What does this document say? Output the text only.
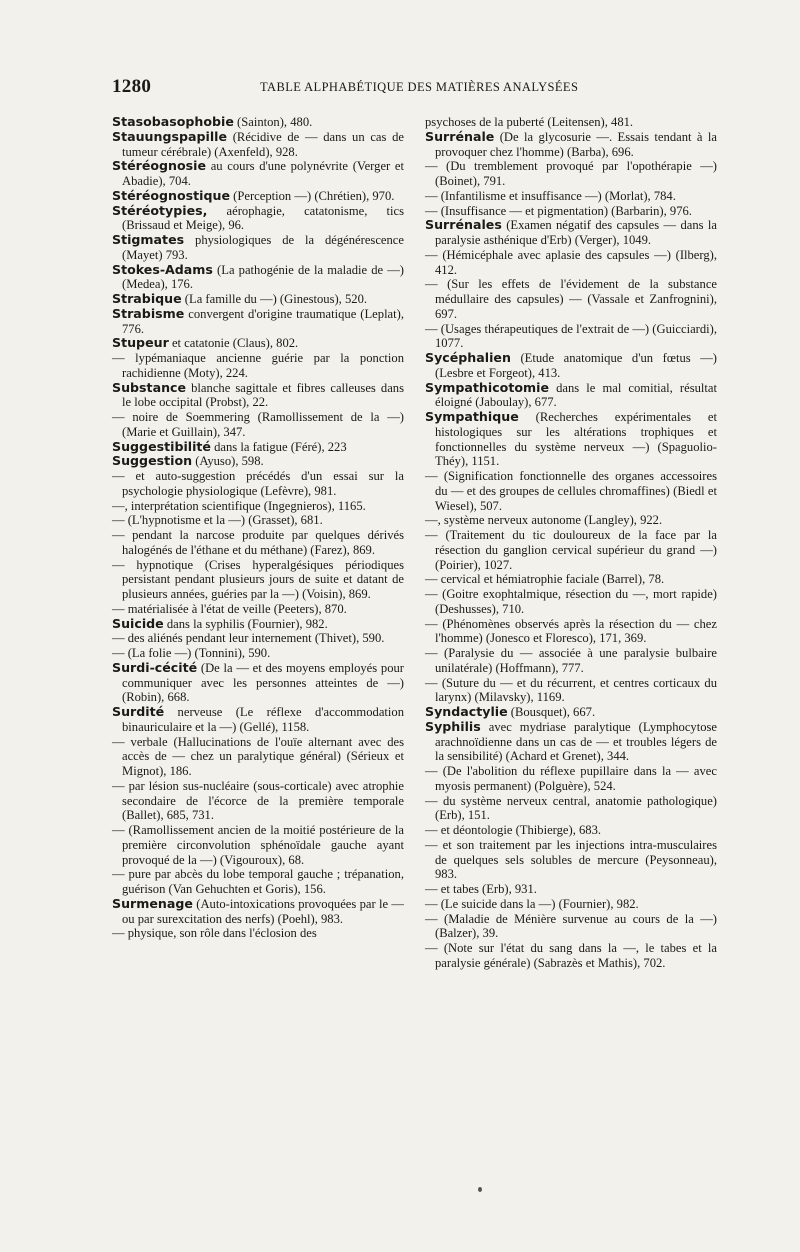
1280	TABLE ALPHABÉTIQUE DES MATIÈRES ANALYSÉES
Stasobasophobie (Sainton), 480.
Stauungspapille (Récidive de — dans un cas de tumeur cérébrale) (Axenfeld), 928.
Stéréognosie au cours d'une polynévrite (Verger et Abadie), 704.
Stéréognostique (Perception —) (Chrétien), 970.
Stéréotypies, aérophagie, catatonisme, tics (Brissaud et Meige), 96.
Stigmates physiologiques de la dégénérescence (Mayet) 793.
Stokes-Adams (La pathogénie de la maladie de —) (Medea), 176.
Strabique (La famille du —) (Ginestous), 520.
Strabisme convergent d'origine traumatique (Leplat), 776.
Stupeur et catatonie (Claus), 802.
— lypémaniaque ancienne guérie par la ponction rachidienne (Moty), 224.
Substance blanche sagittale et fibres calleuses dans le lobe occipital (Probst), 22.
— noire de Soemmering (Ramollissement de la —) (Marie et Guillain), 347.
Suggestibilité dans la fatigue (Féré), 223
Suggestion (Ayuso), 598.
— et auto-suggestion précédés d'un essai sur la psychologie physiologique (Lefèvre), 981.
—, interprétation scientifique (Ingegnieros), 1165.
— (L'hypnotisme et la —) (Grasset), 681.
— pendant la narcose produite par quelques dérivés halogénés de l'éthane et du méthane) (Farez), 869.
— hypnotique (Crises hyperalgésiques périodiques persistant pendant plusieurs jours de suite et datant de plusieurs années, guéries par la —) (Voisin), 869.
— matérialisée à l'état de veille (Peeters), 870.
Suicide dans la syphilis (Fournier), 982.
— des aliénés pendant leur internement (Thivet), 590.
— (La folie —) (Tonnini), 590.
Surdi-cécité (De la — et des moyens employés pour communiquer avec les personnes atteintes de —) (Robin), 668.
Surdité nerveuse (Le réflexe d'accommodation binauriculaire et la —) (Gellé), 1158.
— verbale (Hallucinations de l'ouïe alternant avec des accès de — chez un paralytique général) (Sérieux et Mignot), 186.
— par lésion sus-nucléaire (sous-corticale) avec atrophie secondaire de l'écorce de la première temporale (Ballet), 685, 731.
— (Ramollissement ancien de la moitié postérieure de la première circonvolution sphénoïdale gauche ayant provoqué de la —) (Vigouroux), 68.
— pure par abcès du lobe temporal gauche ; trépanation, guérison (Van Gehuchten et Goris), 156.
Surmenage (Auto-intoxications provoquées par le — ou par surexcitation des nerfs) (Poehl), 983.
— physique, son rôle dans l'éclosion des
psychoses de la puberté (Leitensen), 481.
Surrénale (De la glycosurie —. Essais tendant à la provoquer chez l'homme) (Barba), 696.
— (Du tremblement provoqué par l'opothérapie —) (Boinet), 791.
— (Infantilisme et insuffisance —) (Morlat), 784.
— (Insuffisance — et pigmentation) (Barbarin), 976.
Surrénales (Examen négatif des capsules — dans la paralysie asthénique d'Erb) (Verger), 1049.
— (Hémicéphale avec aplasie des capsules —) (Ilberg), 412.
— (Sur les effets de l'évidement de la substance médullaire des capsules) — (Vassale et Zanfrognini), 697.
— (Usages thérapeutiques de l'extrait de —) (Guicciardi), 1077.
Sycéphalien (Etude anatomique d'un fœtus —) (Lesbre et Forgeot), 413.
Sympathicotomie dans le mal comitial, résultat éloigné (Jaboulay), 677.
Sympathique (Recherches expérimentales et histologiques sur les altérations trophiques et fonctionnelles du système nerveux —) (Spaguolio-Théy), 1151.
— (Signification fonctionnelle des organes accessoires du — et des groupes de cellules chromaffines) (Biedl et Wiesel), 507.
—, système nerveux autonome (Langley), 922.
— (Traitement du tic douloureux de la face par la résection du ganglion cervical supérieur du grand —) (Poirier), 1027.
— cervical et hémiatrophie faciale (Barrel), 78.
— (Goitre exophtalmique, résection du —, mort rapide) (Deshusses), 710.
— (Phénomènes observés après la résection du — chez l'homme) (Jonesco et Floresco), 171, 369.
— (Paralysie du — associée à une paralysie bulbaire unilatérale) (Hoffmann), 777.
— (Suture du — et du récurrent, et centres corticaux du larynx) (Milavsky), 1169.
Syndactylie (Bousquet), 667.
Syphilis avec mydriase paralytique (Lymphocytose arachnoïdienne dans un cas de — et troubles légers de la sensibilité) (Achard et Grenet), 344.
— (De l'abolition du réflexe pupillaire dans la — avec myosis permanent) (Polguère), 524.
— du système nerveux central, anatomie pathologique) (Erb), 151.
— et déontologie (Thibierge), 683.
— et son traitement par les injections intra-musculaires de quelques sels solubles de mercure (Peysonneau), 983.
— et tabes (Erb), 931.
— (Le suicide dans la —) (Fournier), 982.
— (Maladie de Ménière survenue au cours de la —) (Balzer), 39.
— (Note sur l'état du sang dans la —, le tabes et la paralysie générale) (Sabrazès et Mathis), 702.
